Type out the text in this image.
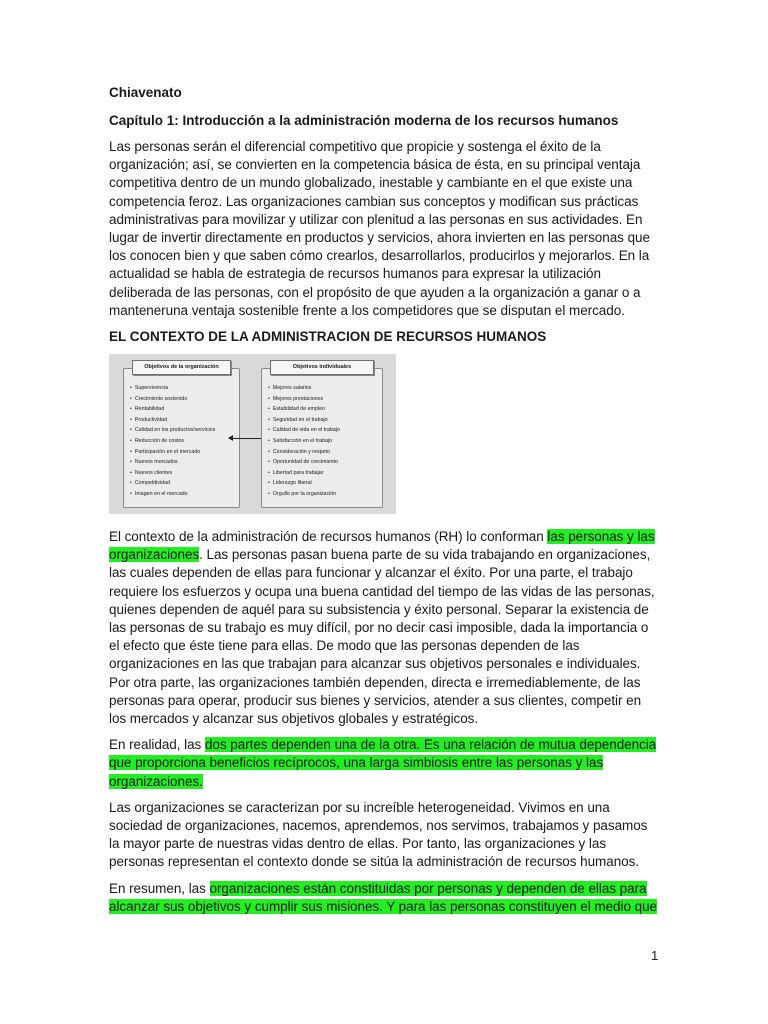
Chiavenato

Capítulo 1: Introducción a la administración moderna de los recursos humanos

Las personas serán el diferencial competitivo que propicie y sostenga el éxito de la organización; así, se convierten en la competencia básica de ésta, en su principal ventaja competitiva dentro de un mundo globalizado, inestable y cambiante en el que existe una competencia feroz. Las organizaciones cambian sus conceptos y modifican sus prácticas administrativas para movilizar y utilizar con plenitud a las personas en sus actividades. En lugar de invertir directamente en productos y servicios, ahora invierten en las personas que los conocen bien y que saben cómo crearlos, desarrollarlos, producirlos y mejorarlos. En la actualidad se habla de estrategia de recursos humanos para expresar la utilización deliberada de las personas, con el propósito de que ayuden a la organización a ganar o a manteneruna ventaja sostenible frente a los competidores que se disputan el mercado.

EL CONTEXTO DE LA ADMINISTRACION DE RECURSOS HUMANOS

Objetivos de la organización
• Supervivencia
• Crecimiento sostenido
• Rentabilidad
• Productividad
• Calidad en los productos/servicios
• Reducción de costos
• Participación en el mercado
• Nuevos mercados
• Nuevos clientes
• Competitividad
• Imagen en el mercado
Objetivos individuales
• Mejores salarios
• Mejores prestaciones
• Estabilidad de empleo
• Seguridad en el trabajo
• Calidad de vida en el trabajo
• Satisfacción en el trabajo
• Consideración y respeto
• Oportunidad de crecimiento
• Libertad para trabajar
• Liderazgo liberal
• Orgullo por la organización

El contexto de la administración de recursos humanos (RH) lo conforman las personas y las organizaciones. Las personas pasan buena parte de su vida trabajando en organizaciones, las cuales dependen de ellas para funcionar y alcanzar el éxito. Por una parte, el trabajo requiere los esfuerzos y ocupa una buena cantidad del tiempo de las vidas de las personas, quienes dependen de aquél para su subsistencia y éxito personal. Separar la existencia de las personas de su trabajo es muy difícil, por no decir casi imposible, dada la importancia o el efecto que éste tiene para ellas. De modo que las personas dependen de las organizaciones en las que trabajan para alcanzar sus objetivos personales e individuales. Por otra parte, las organizaciones también dependen, directa e irremediablemente, de las personas para operar, producir sus bienes y servicios, atender a sus clientes, competir en los mercados y alcanzar sus objetivos globales y estratégicos.

En realidad, las dos partes dependen una de la otra. Es una relación de mutua dependencia que proporciona beneficios recíprocos, una larga simbiosis entre las personas y las organizaciones.

Las organizaciones se caracterizan por su increíble heterogeneidad. Vivimos en una sociedad de organizaciones, nacemos, aprendemos, nos servimos, trabajamos y pasamos la mayor parte de nuestras vidas dentro de ellas. Por tanto, las organizaciones y las personas representan el contexto donde se sitúa la administración de recursos humanos.

En resumen, las organizaciones están constituidas por personas y dependen de ellas para alcanzar sus objetivos y cumplir sus misiones. Y para las personas constituyen el medio que

1
